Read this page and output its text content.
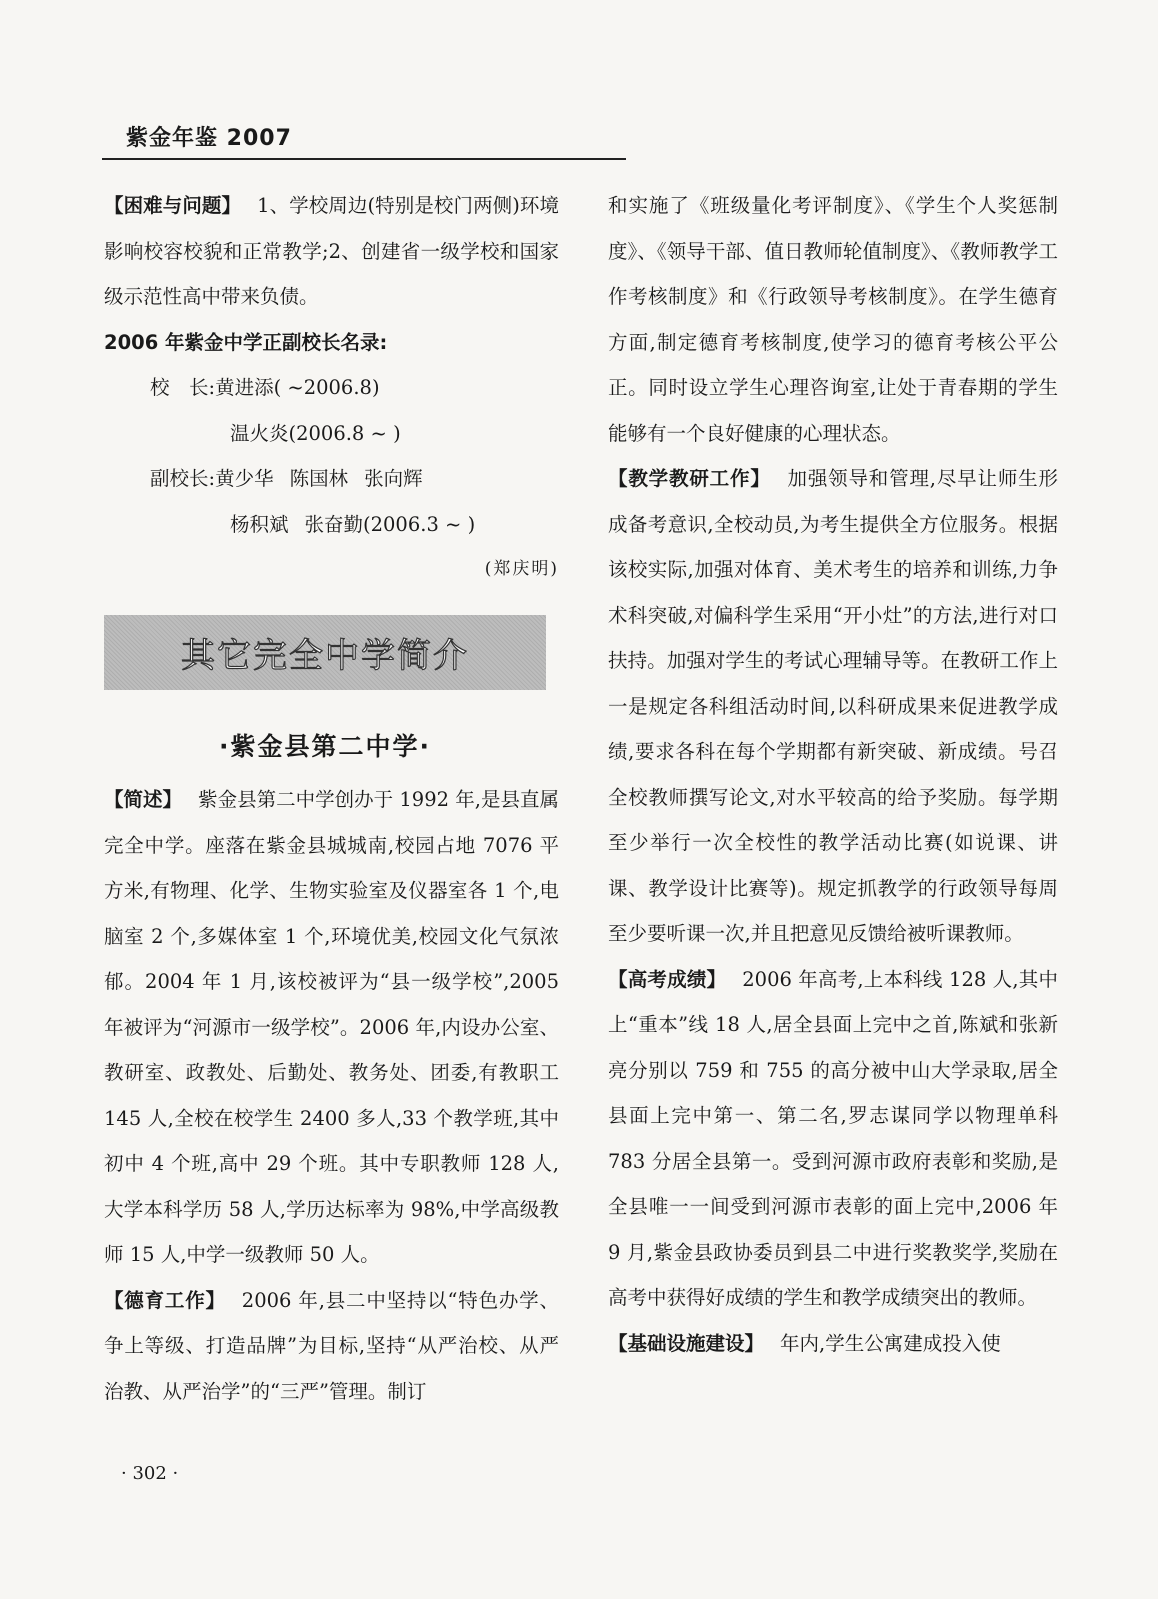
紫金年鉴 2007

【困难与问题】 1、学校周边(特别是校门两侧)环境影响校容校貌和正常教学;2、创建省一级学校和国家级示范性高中带来负债。

2006 年紫金中学正副校长名录:

校　长:黄进添( ~2006.8)

温火炎(2006.8 ~ )

副校长:黄少华 陈国林 张向辉

杨积斌 张奋勤(2006.3 ~ )

(郑庆明)

其它完全中学简介
·紫金县第二中学·

【简述】 紫金县第二中学创办于 1992 年,是县直属完全中学。座落在紫金县城城南,校园占地 7076 平方米,有物理、化学、生物实验室及仪器室各 1 个,电脑室 2 个,多媒体室 1 个,环境优美,校园文化气氛浓郁。2004 年 1 月,该校被评为“县一级学校”,2005 年被评为“河源市一级学校”。2006 年,内设办公室、教研室、政教处、后勤处、教务处、团委,有教职工 145 人,全校在校学生 2400 多人,33 个教学班,其中初中 4 个班,高中 29 个班。其中专职教师 128 人,大学本科学历 58 人,学历达标率为 98%,中学高级教师 15 人,中学一级教师 50 人。

【德育工作】 2006 年,县二中坚持以“特色办学、争上等级、打造品牌”为目标,坚持“从严治校、从严治教、从严治学”的“三严”管理。制订

和实施了《班级量化考评制度》、《学生个人奖惩制度》、《领导干部、值日教师轮值制度》、《教师教学工作考核制度》和《行政领导考核制度》。在学生德育方面,制定德育考核制度,使学习的德育考核公平公正。同时设立学生心理咨询室,让处于青春期的学生能够有一个良好健康的心理状态。

【教学教研工作】 加强领导和管理,尽早让师生形成备考意识,全校动员,为考生提供全方位服务。根据该校实际,加强对体育、美术考生的培养和训练,力争术科突破,对偏科学生采用“开小灶”的方法,进行对口扶持。加强对学生的考试心理辅导等。在教研工作上一是规定各科组活动时间,以科研成果来促进教学成绩,要求各科在每个学期都有新突破、新成绩。号召全校教师撰写论文,对水平较高的给予奖励。每学期至少举行一次全校性的教学活动比赛(如说课、讲课、教学设计比赛等)。规定抓教学的行政领导每周至少要听课一次,并且把意见反馈给被听课教师。

【高考成绩】 2006 年高考,上本科线 128 人,其中上“重本”线 18 人,居全县面上完中之首,陈斌和张新亮分别以 759 和 755 的高分被中山大学录取,居全县面上完中第一、第二名,罗志谋同学以物理单科 783 分居全县第一。受到河源市政府表彰和奖励,是全县唯一一间受到河源市表彰的面上完中,2006 年 9 月,紫金县政协委员到县二中进行奖教奖学,奖励在高考中获得好成绩的学生和教学成绩突出的教师。

【基础设施建设】 年内,学生公寓建成投入使

· 302 ·
